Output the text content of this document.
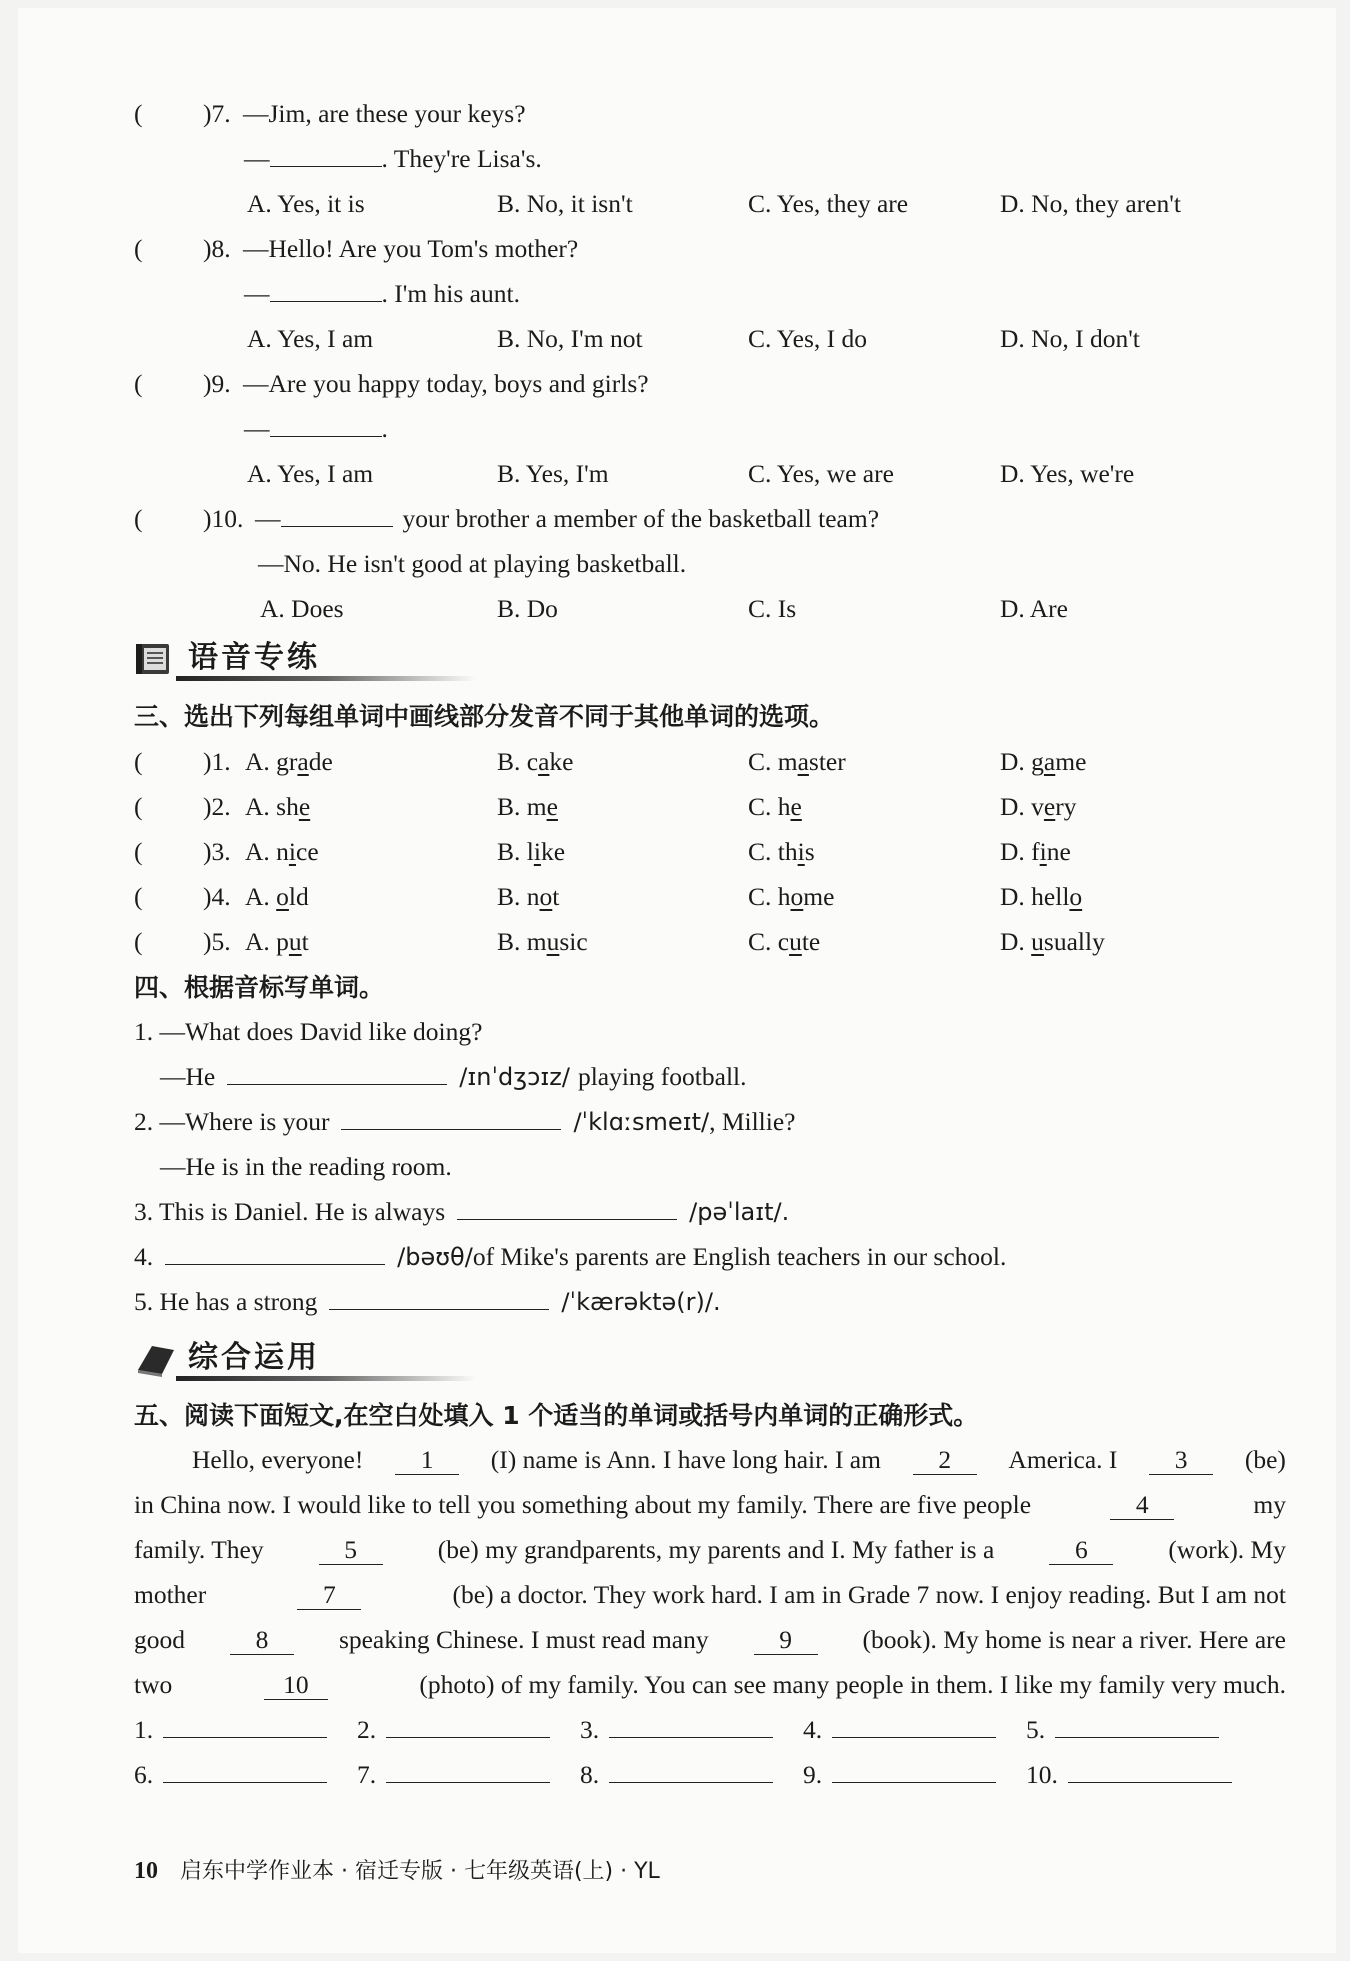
( )7. —Jim, are these your keys?
—	. They're Lisa's.
A. Yes, it is	B. No, it isn't	C. Yes, they are	D. No, they aren't
( )8. —Hello! Are you Tom's mother?
—	. I'm his aunt.
A. Yes, I am	B. No, I'm not	C. Yes, I do	D. No, I don't
( )9. —Are you happy today, boys and girls?
—	.
A. Yes, I am	B. Yes, I'm	C. Yes, we are	D. Yes, we're
( )10. —	your brother a member of the basketball team?
—No. He isn't good at playing basketball.
A. Does	B. Do	C. Is	D. Are
三、选出下列每组单词中画线部分发音不同于其他单词的选项。
( )1. A. grade	B. cake	C. master	D. game
( )2. A. she	B. me	C. he	D. very
( )3. A. nice	B. like	C. this	D. fine
( )4. A. old	B. not	C. home	D. hello
( )5. A. put	B. music	C. cute	D. usually
四、根据音标写单词。
1. —What does David like doing?
—He	/ɪnˈdʒɔɪz/ playing football.
2. —Where is your	/ˈklɑːsmeɪt/, Millie?
—He is in the reading room.
3. This is Daniel. He is always	/pəˈlaɪt/.
4.	/bəʊθ/of Mike's parents are English teachers in our school.
5. He has a strong	/ˈkærəktə(r)/.
五、阅读下面短文,在空白处填入 1 个适当的单词或括号内单词的正确形式。
Hello, everyone!	1	(I) name is Ann. I have long hair. I am	2	America. I	3	(be)
in China now. I would like to tell you something about my family. There are five people	4	my
family. They	5	(be) my grandparents, my parents and I. My father is a	6	(work). My
mother	7	(be) a doctor. They work hard. I am in Grade 7 now. I enjoy reading. But I am not
good	8	speaking Chinese. I must read many	9	(book). My home is near a river. Here are
two	10	(photo) of my family. You can see many people in them. I like my family very much.
1.	2.	3.	4.	5.
6.	7.	8.	9.	10.
语音专练
综合运用
10 启东中学作业本 · 宿迁专版 · 七年级英语(上) · YL
